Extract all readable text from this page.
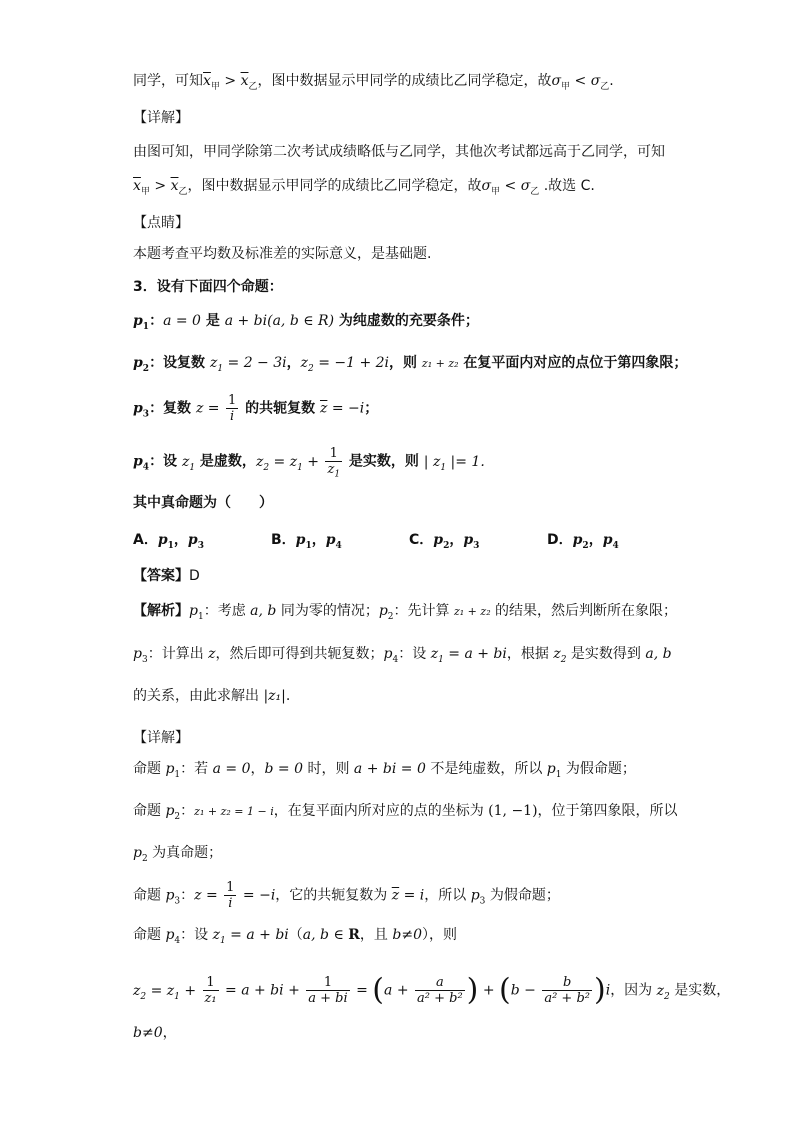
同学，可知$\overline{x}_甲 > \overline{x}_乙$，图中数据显示甲同学的成绩比乙同学稳定，故$\sigma_甲 < \sigma_乙$.
【详解】
由图可知，甲同学除第二次考试成绩略低与乙同学，其他次考试都远高于乙同学，可知
$\overline{x}_甲 > \overline{x}_乙$，图中数据显示甲同学的成绩比乙同学稳定，故$\sigma_甲 < \sigma_乙$ .故选 C.
【点睛】
本题考查平均数及标准差的实际意义，是基础题.
3．设有下面四个命题：
$p_1$：a = 0 是 a + bi(a, b ∈ R) 为纯虚数的充要条件；
$p_2$：设复数 $z_1 = 2 - 3i$，$z_2 = -1 + 2i$，则 z₁ + z₂ 在复平面内对应的点位于第四象限；
$p_3$：复数 $z = \frac{1}{i}$ 的共轭复数 $\overline{z} = -i$；
$p_4$：设 $z_1$ 是虚数，$z_2 = z_1 + \frac{1}{z_1}$ 是实数，则 | $z_1$ |= 1.
其中真命题为（　　）
A．$p_1$，$p_3$	B．$p_1$，$p_4$	C．$p_2$，$p_3$	D．$p_2$，$p_4$
【答案】D
【解析】$p_1$：考虑 a, b 同为零的情况；$p_2$：先计算 z₁ + z₂ 的结果，然后判断所在象限；
$p_3$：计算出 z，然后即可得到共轭复数；$p_4$：设 $z_1 = a$ + bi，根据 $z_2$ 是实数得到 a, b
的关系，由此求解出 |z₁|.
【详解】
命题 $p_1$：若 a = 0，b = 0 时，则 a + bi = 0 不是纯虚数，所以 $p_1$ 为假命题；
命题 $p_2$：z₁ + z₂ = 1 − i，在复平面内所对应的点的坐标为 (1, −1)，位于第四象限，所以
$p_2$ 为真命题；
命题 $p_3$：$z = \frac{1}{i} = -i$，它的共轭复数为 $\overline{z} = i$，所以 $p_3$ 为假命题；
命题 $p_4$：设 $z_1 = a + bi(a$, b ∈ R，且 b≠0），则
$z_2 = z_1 + \frac{1}{\text{z₁}} = a$ + bi + $\frac{1}{a + bi} = (a + \frac{a}{\text{a² + b²}}$ ) + $(b - \frac{b}{\text{a² + b²}} )i$，因为 $z_2$ 是实数，
b≠0，
